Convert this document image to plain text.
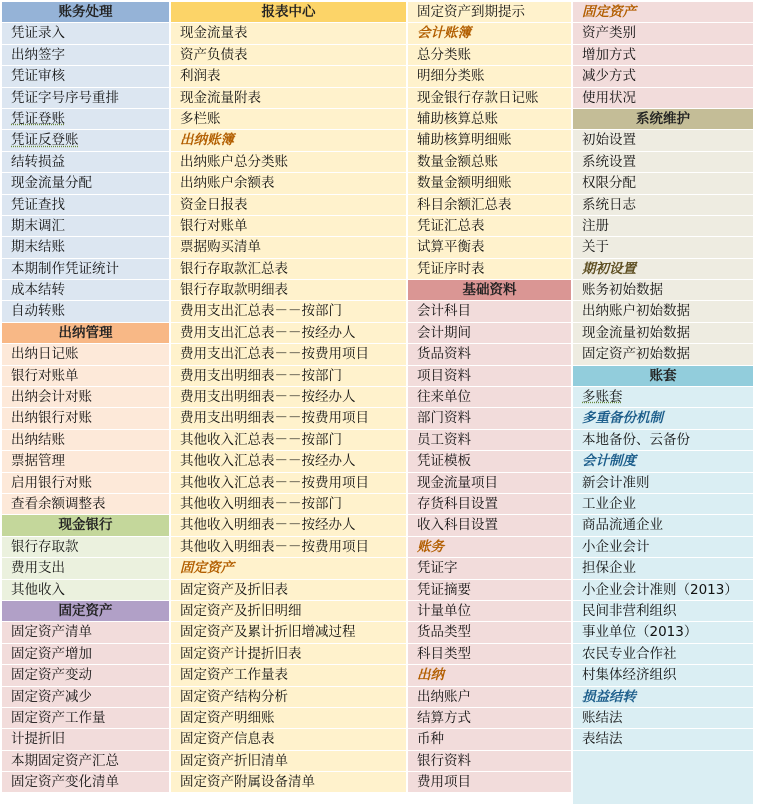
账务处理
凭证录入
出纳签字
凭证审核
凭证字号序号重排
凭证登账
凭证反登账
结转损益
现金流量分配
凭证查找
期末调汇
期末结账
本期制作凭证统计
成本结转
自动转账
出纳管理
出纳日记账
银行对账单
出纳会计对账
出纳银行对账
出纳结账
票据管理
启用银行对账
查看余额调整表
现金银行
银行存取款
费用支出
其他收入
固定资产
固定资产清单
固定资产增加
固定资产变动
固定资产减少
固定资产工作量
计提折旧
本期固定资产汇总
固定资产变化清单
报表中心
现金流量表
资产负债表
利润表
现金流量附表
多栏账
出纳账簿
出纳账户总分类账
出纳账户余额表
资金日报表
银行对账单
票据购买清单
银行存取款汇总表
银行存取款明细表
费用支出汇总表－－按部门
费用支出汇总表－－按经办人
费用支出汇总表－－按费用项目
费用支出明细表－－按部门
费用支出明细表－－按经办人
费用支出明细表－－按费用项目
其他收入汇总表－－按部门
其他收入汇总表－－按经办人
其他收入汇总表－－按费用项目
其他收入明细表－－按部门
其他收入明细表－－按经办人
其他收入明细表－－按费用项目
固定资产
固定资产及折旧表
固定资产及折旧明细
固定资产及累计折旧增减过程
固定资产计提折旧表
固定资产工作量表
固定资产结构分析
固定资产明细账
固定资产信息表
固定资产折旧清单
固定资产附属设备清单
固定资产到期提示
会计账簿
总分类账
明细分类账
现金银行存款日记账
辅助核算总账
辅助核算明细账
数量金额总账
数量金额明细账
科目余额汇总表
凭证汇总表
试算平衡表
凭证序时表
基础资料
会计科目
会计期间
货品资料
项目资料
往来单位
部门资料
员工资料
凭证模板
现金流量项目
存货科目设置
收入科目设置
账务
凭证字
凭证摘要
计量单位
货品类型
科目类型
出纳
出纳账户
结算方式
币种
银行资料
费用项目
固定资产
资产类别
增加方式
减少方式
使用状况
系统维护
初始设置
系统设置
权限分配
系统日志
注册
关于
期初设置
账务初始数据
出纳账户初始数据
现金流量初始数据
固定资产初始数据
账套
多账套
多重备份机制
本地备份、云备份
会计制度
新会计准则
工业企业
商品流通企业
小企业会计
担保企业
小企业会计准则（2013）
民间非营利组织
事业单位（2013）
农民专业合作社
村集体经济组织
损益结转
账结法
表结法
